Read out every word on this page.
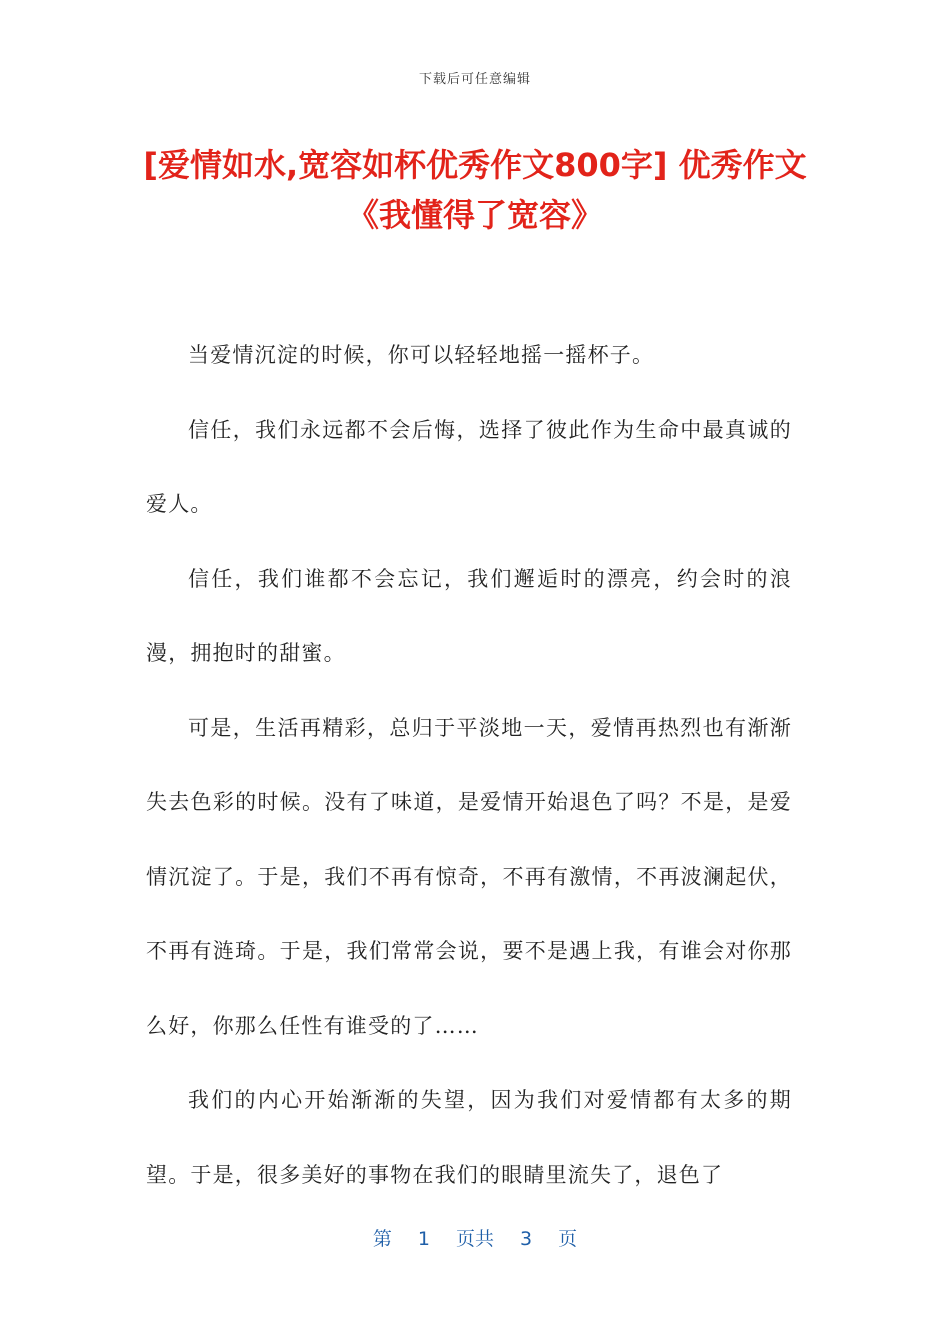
下载后可任意编辑
[爱情如水,宽容如杯优秀作文800字] 优秀作文《我懂得了宽容》

当爱情沉淀的时候，你可以轻轻地摇一摇杯子。

信任，我们永远都不会后悔，选择了彼此作为生命中最真诚的爱人。

信任，我们谁都不会忘记，我们邂逅时的漂亮，约会时的浪漫，拥抱时的甜蜜。

可是，生活再精彩，总归于平淡地一天，爱情再热烈也有渐渐失去色彩的时候。没有了味道，是爱情开始退色了吗？不是，是爱情沉淀了。于是，我们不再有惊奇，不再有激情，不再波澜起伏，不再有涟琦。于是，我们常常会说，要不是遇上我，有谁会对你那么好，你那么任性有谁受的了……

我们的内心开始渐渐的失望，因为我们对爱情都有太多的期望。于是，很多美好的事物在我们的眼睛里流失了，退色了

第 1 页共 3 页
